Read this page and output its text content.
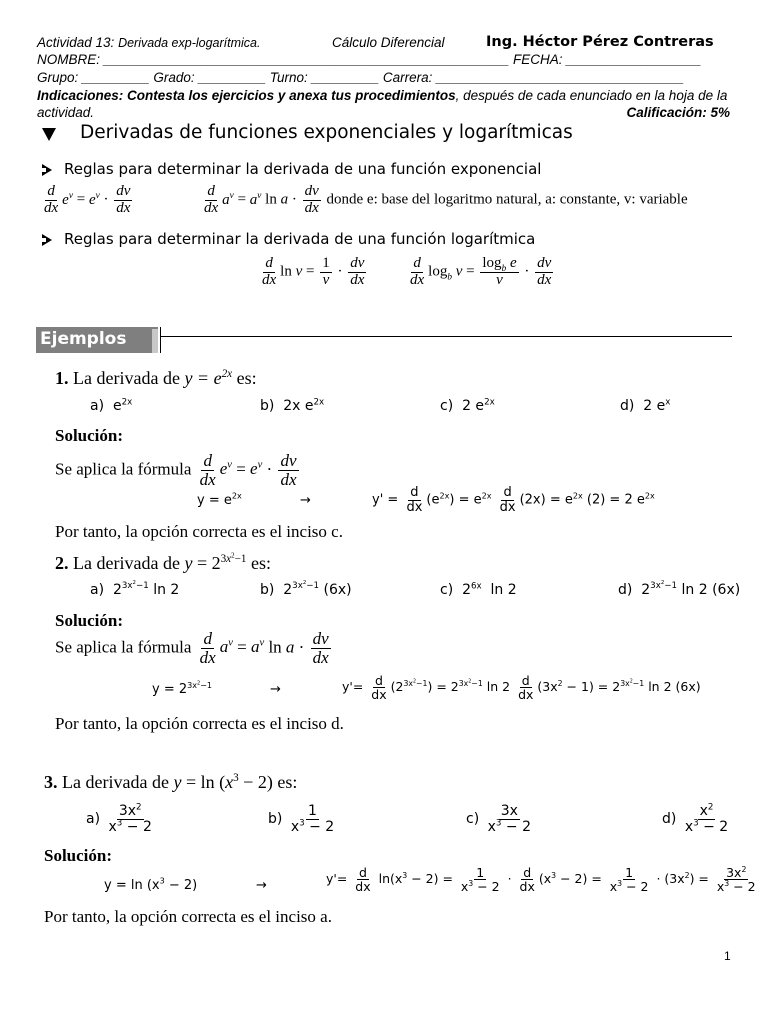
Actividad 13: Derivada exp-logarítmica.	Cálculo Diferencial	Ing. Héctor Pérez Contreras
NOMBRE: ______________________________________________________ FECHA: __________________
Grupo: _________ Grado: _________ Turno: _________ Carrera: _________________________________
Indicaciones: Contesta los ejercicios y anexa tus procedimientos, después de cada enunciado en la hoja de la
actividad.	Calificación: 5%
Derivadas de funciones exponenciales y logarítmicas
Reglas para determinar la derivada de una función exponencial
$\frac{d}{dx} e^v = e^v \cdot \frac{dv}{dx}$	$\frac{d}{dx} a^v = a^v$ $\ln a \cdot \frac{dv}{dx}$ donde e: base del logaritmo natural, a: constante, v: variable
Reglas para determinar la derivada de una función logarítmica
$\frac{d}{dx}$ $\ln v = \frac{1}{v} \cdot \frac{dv}{dx}$	$\frac{d}{dx} \log_b v = \frac{\log_b e}{v} \cdot \frac{dv}{dx}$
Ejemplos
1. La derivada de $y = e^{2x}$ es:
a) $e^{2x}$	b) 2x $e^{2x}$	c) 2 $e^{2x}$	d) 2 $e^x$
Solución:
Se aplica la fórmula $\frac{d}{dx} e^v = e^v \cdot \frac{dv}{dx}$
$y = e^{2x}$	→	$y' = \frac{d}{dx} (e^{2x}) = e^{2x} \frac{d}{dx} (2x) = e^{2x}$ (2) = 2 $e^{2x}$
Por tanto, la opción correcta es el inciso c.
2. La derivada de $y = 2^{3x^2-1}$ es:
a)  $2^{3x^2-1}$ ln 2	b)  $2^{3x^2-1}$ (6x)	c)  $2^{6x}$ ln 2	d)  $2^{3x^2-1}$ ln 2 (6x)
Solución:
Se aplica la fórmula $\frac{d}{dx} a^v = a^v$ $\ln a \cdot \frac{dv}{dx}$
$y = 2^{3x^2-1}$	→	$y'= \frac{d}{dx} (2^{3x^2-1}) = 2^{3x^2-1}$ $\ln 2 \frac{d}{dx} (3x^2 - 1) = 2^{3x^2-1}$ ln 2 (6x)
Por tanto, la opción correcta es el inciso d.
3. La derivada de $y = \ln (x^3 - 2)$ es:
$a) \frac{3x^2}{x^3 - 2}$	$b) \frac{1}{x^3 - 2}$	$c) \frac{3x}{x^3 - 2}$	$d) \frac{x^2}{x^3 - 2}$
Solución:
$y = \ln (x^3 - 2)$	→	$y'= \frac{d}{dx} \ln(x^3 - 2) = \frac{1}{x^3 - 2} \cdot \frac{d}{dx} (x^3 - 2) = \frac{1}{x^3 - 2} \cdot (3x^2) = \frac{3x^2}{x^3 - 2}$
Por tanto, la opción correcta es el inciso a.
1
